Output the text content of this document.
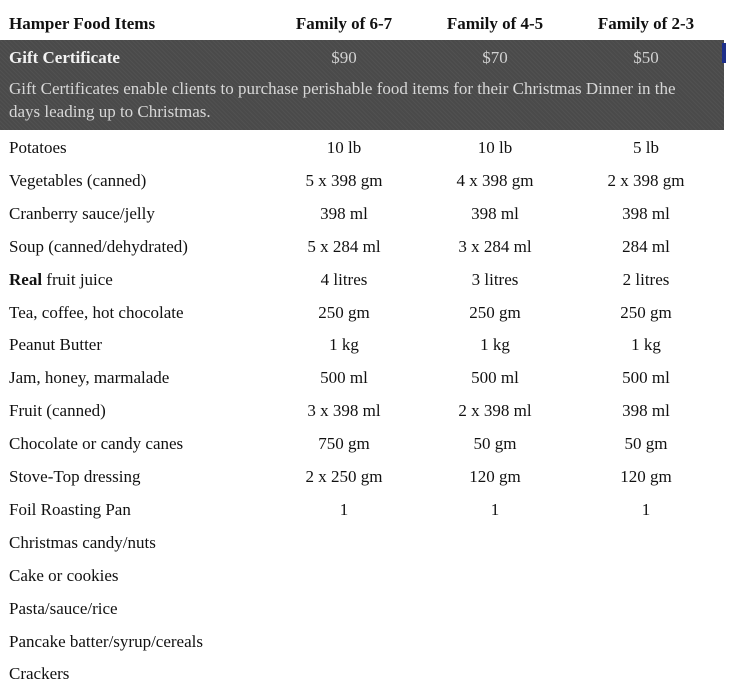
Hamper Food Items	Family of 6-7	Family of 4-5	Family of 2-3
Gift Certificate	$90	$70	$50
Gift Certificates enable clients to purchase perishable food items for their Christmas Dinner in the days leading up to Christmas.
Potatoes	10 lb	10 lb	5 lb
Vegetables (canned)	5 x 398 gm	4 x 398 gm	2 x 398 gm
Cranberry sauce/jelly	398 ml	398 ml	398 ml
Soup (canned/dehydrated)	5 x 284 ml	3 x 284 ml	284 ml
Real fruit juice	4 litres	3 litres	2 litres
Tea, coffee, hot chocolate	250 gm	250 gm	250 gm
Peanut Butter	1 kg	1 kg	1 kg
Jam, honey, marmalade	500 ml	500 ml	500 ml
Fruit (canned)	3 x 398 ml	2 x 398 ml	398 ml
Chocolate or candy canes	750 gm	50 gm	50 gm
Stove-Top dressing	2 x 250 gm	120 gm	120 gm
Foil Roasting Pan	1	1	1
Christmas candy/nuts
Cake or cookies
Pasta/sauce/rice
Pancake batter/syrup/cereals
Crackers
